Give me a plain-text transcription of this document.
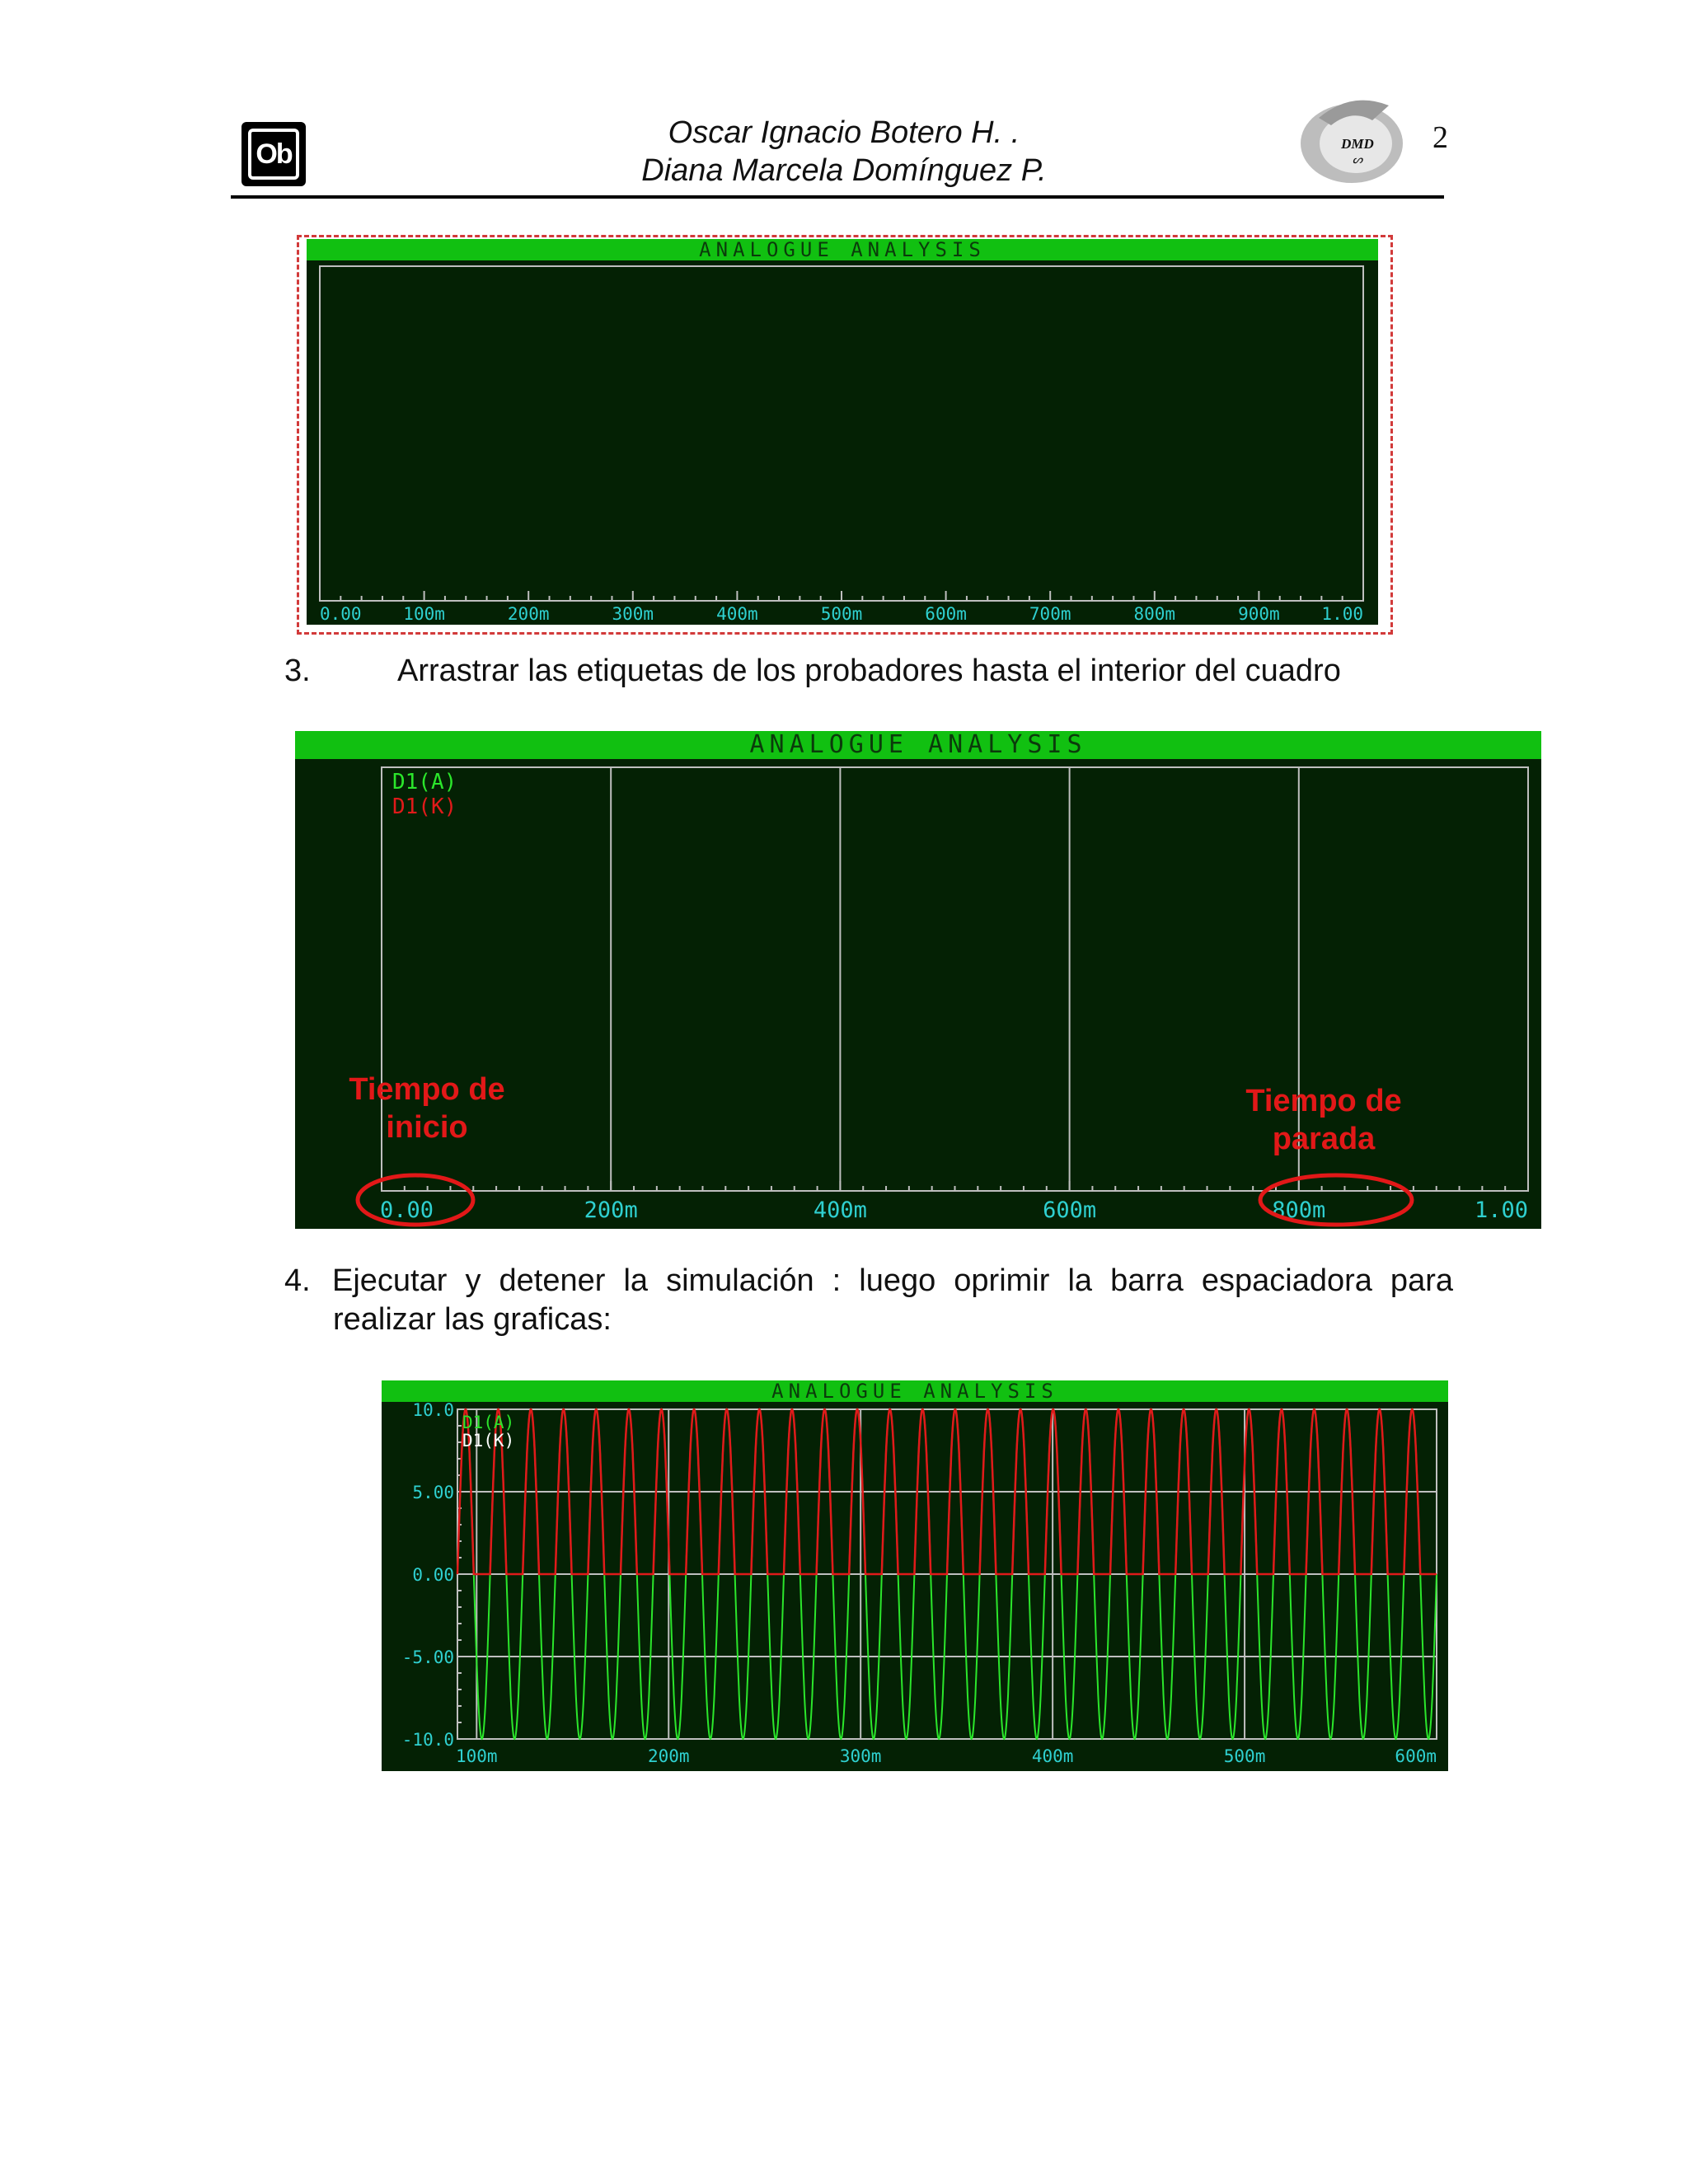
Ob
Oscar Ignacio Botero H. .
Diana Marcela Domínguez P.
DMD
ᔕ
2
ANALOGUE ANALYSIS
0.00 100m	200m	300m	400m	500m	600m	700m	800m	900m 1.00
3.	Arrastrar las etiquetas de los probadores hasta el interior del cuadro
ANALOGUE ANALYSIS
D1(A)
D1(K)
0.00	200m	400m	600m	800m	1.00
Tiempo de
inicio
Tiempo de
parada
4. Ejecutar y detener la simulación : luego oprimir la barra espaciadora para
realizar las graficas:
ANALOGUE ANALYSIS
D1(A)
D1(K)
10.0
5.00
0.00
-5.00
-10.0
100m	200m	300m	400m	500m	600m
